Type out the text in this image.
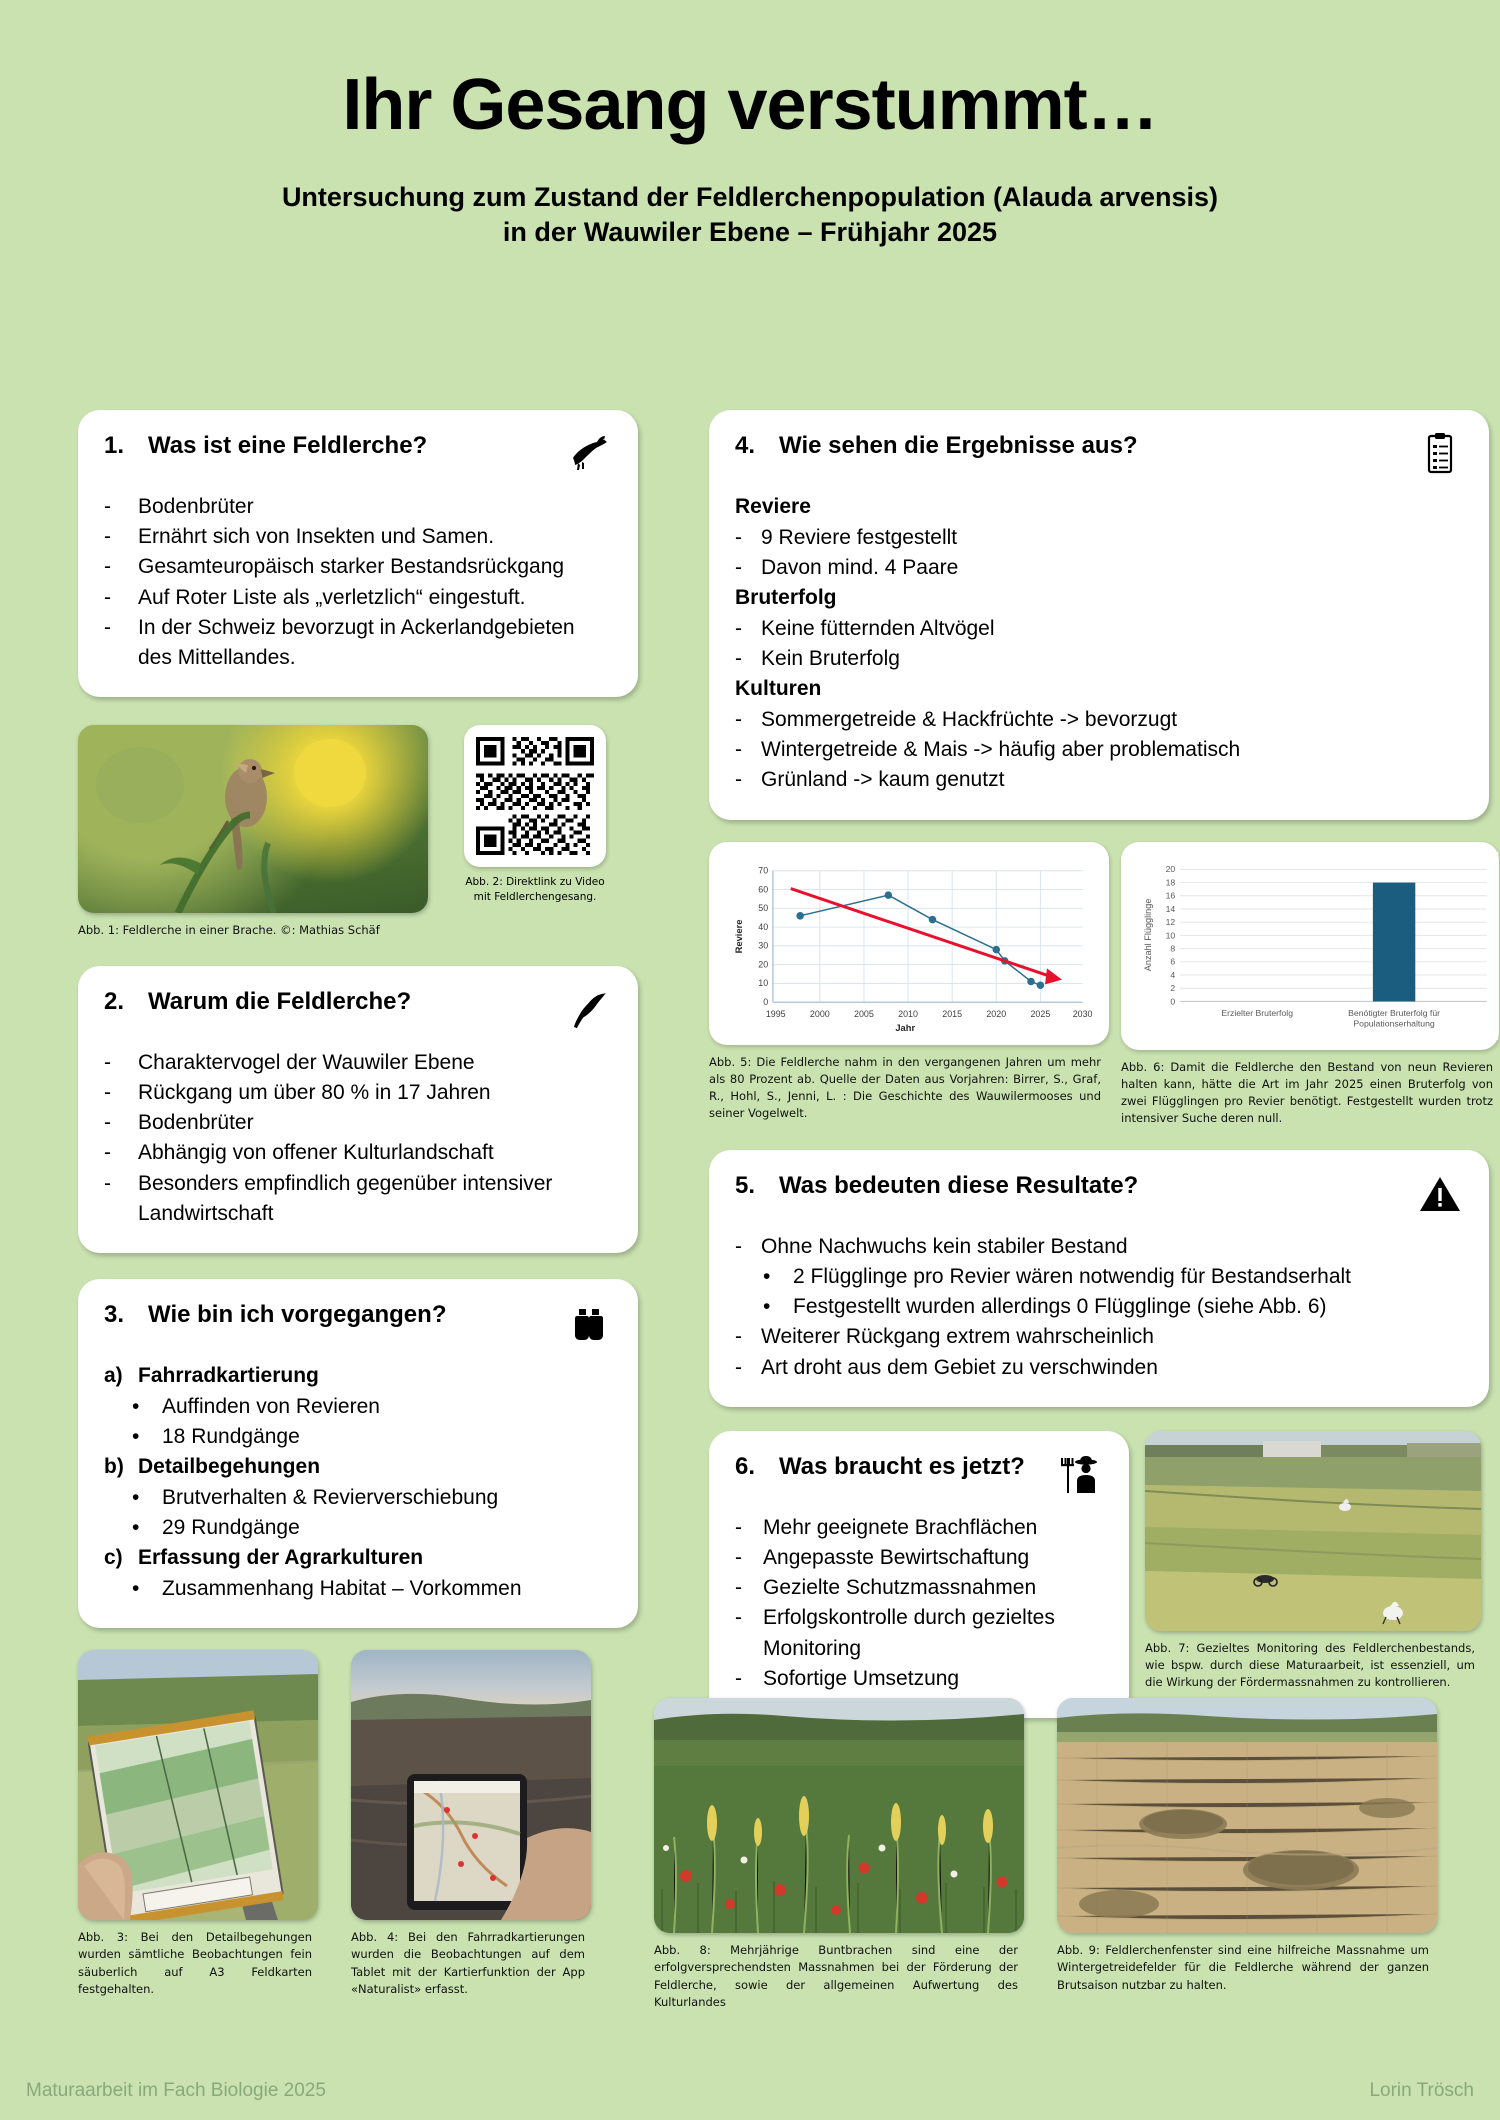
Ihr Gesang verstummt…
Untersuchung zum Zustand der Feldlerchenpopulation (Alauda arvensis)
in der Wauwiler Ebene – Frühjahr 2025
1. Was ist eine Feldlerche?
-	Bodenbrüter
-	Ernährt sich von Insekten und Samen.
-	Gesamteuropäisch starker Bestandsrückgang
-	Auf Roter Liste als „verletzlich“ eingestuft.
-	In der Schweiz bevorzugt in Ackerlandgebieten des Mittellandes.
Abb. 1: Feldlerche in einer Brache. ©: Mathias Schäf
Abb. 2: Direktlink zu Video mit Feldlerchengesang.
2. Warum die Feldlerche?
-	Charaktervogel der Wauwiler Ebene
-	Rückgang um über 80 % in 17 Jahren
-	Bodenbrüter
-	Abhängig von offener Kulturlandschaft
-	Besonders empfindlich gegenüber intensiver Landwirtschaft
3. Wie bin ich vorgegangen?
a) Fahrradkartierung
•	Auffinden von Revieren
•	18 Rundgänge
b) Detailbegehungen
•	Brutverhalten & Revierverschiebung
•	29 Rundgänge
c) Erfassung der Agrarkulturen
•	Zusammenhang Habitat – Vorkommen
4. Wie sehen die Ergebnisse aus?
Reviere
- 9 Reviere festgestellt
- Davon mind. 4 Paare
Bruterfolg
- Keine fütternden Altvögel
- Kein Bruterfolg
Kulturen
- Sommergetreide & Hackfrüchte -> bevorzugt
- Wintergetreide & Mais -> häufig aber problematisch
- Grünland -> kaum genutzt
70
60
50
40
30
20
10
0
1995	2000	2005	2010	2015	2020	2025 2030
Jahr
Reviere
Abb. 5: Die Feldlerche nahm in den vergangenen Jahren um mehr als 80 Prozent ab. Quelle der Daten aus Vorjahren: Birrer, S., Graf, R., Hohl, S., Jenni, L. : Die Geschichte des Wauwilermooses und seiner Vogelwelt.
20
18
16
14
12
10
8
6
4
2
0
Anzahl Flügglinge
Erzielter Bruterfolg	Benötigter Bruterfolg für
Populationserhaltung
Abb. 6: Damit die Feldlerche den Bestand von neun Revieren halten kann, hätte die Art im Jahr 2025 einen Bruterfolg von zwei Flügglingen pro Revier benötigt. Festgestellt wurden trotz intensiver Suche deren null.
5. Was bedeuten diese Resultate?
- Ohne Nachwuchs kein stabiler Bestand
•	2 Flügglinge pro Revier wären notwendig für Bestandserhalt
•	Festgestellt wurden allerdings 0 Flügglinge (siehe Abb. 6)
- Weiterer Rückgang extrem wahrscheinlich
- Art droht aus dem Gebiet zu verschwinden
6. Was braucht es jetzt?
-	Mehr geeignete Brachflächen
-	Angepasste Bewirtschaftung
-	Gezielte Schutzmassnahmen
-	Erfolgskontrolle durch gezieltes Monitoring
-	Sofortige Umsetzung
Abb. 7: Gezieltes Monitoring des Feldlerchenbestands, wie bspw. durch diese Maturaarbeit, ist essenziell, um die Wirkung der Fördermassnahmen zu kontrollieren.
Abb. 3: Bei den Detailbegehungen wurden sämtliche Beobachtungen fein säuberlich auf A3 Feldkarten festgehalten.
Abb. 4: Bei den Fahrradkartierungen wurden die Beobachtungen auf dem Tablet mit der Kartierfunktion der App «Naturalist» erfasst.
Abb. 8: Mehrjährige Buntbrachen sind eine der erfolgversprechendsten Massnahmen bei der Förderung der Feldlerche, sowie der allgemeinen Aufwertung des Kulturlandes
Abb. 9: Feldlerchenfenster sind eine hilfreiche Massnahme um Wintergetreidefelder für die Feldlerche während der ganzen Brutsaison nutzbar zu halten.
Maturaarbeit im Fach Biologie 2025	Lorin Trösch
